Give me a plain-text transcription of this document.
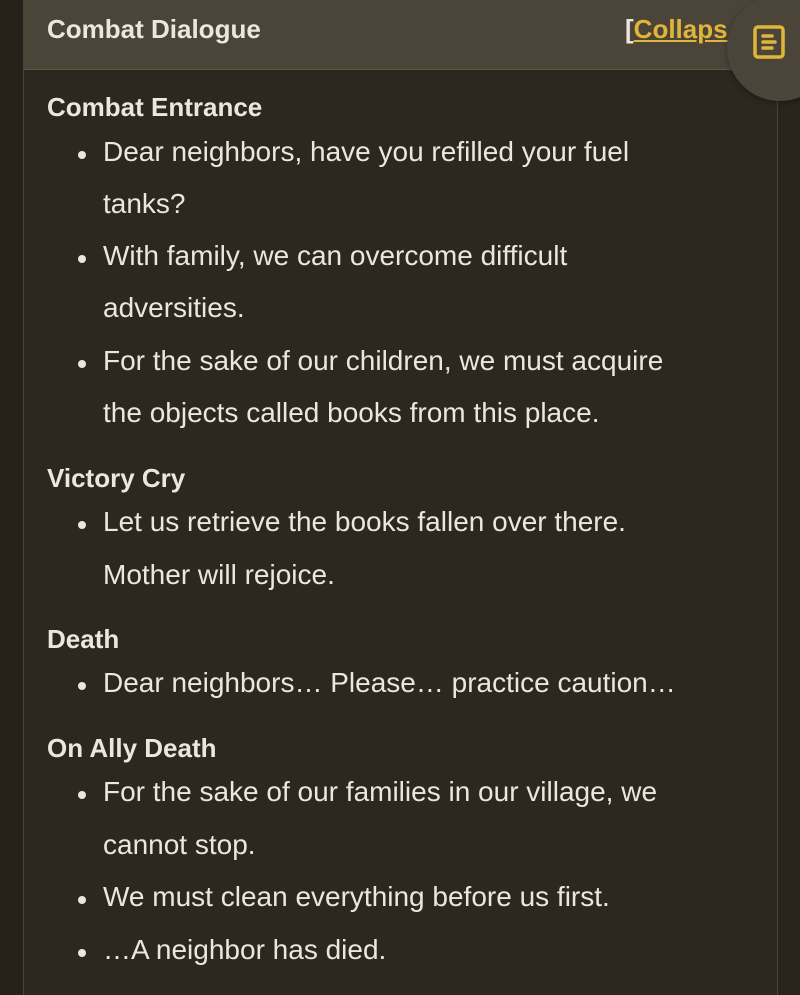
Combat Dialogue	[Collaps
Combat Entrance
Dear neighbors, have you refilled your fuel
tanks?
With family, we can overcome difficult
adversities.
For the sake of our children, we must acquire
the objects called books from this place.
Victory Cry
Let us retrieve the books fallen over there.
Mother will rejoice.
Death
Dear neighbors… Please… practice caution…
On Ally Death
For the sake of our families in our village, we
cannot stop.
We must clean everything before us first.
…A neighbor has died.
